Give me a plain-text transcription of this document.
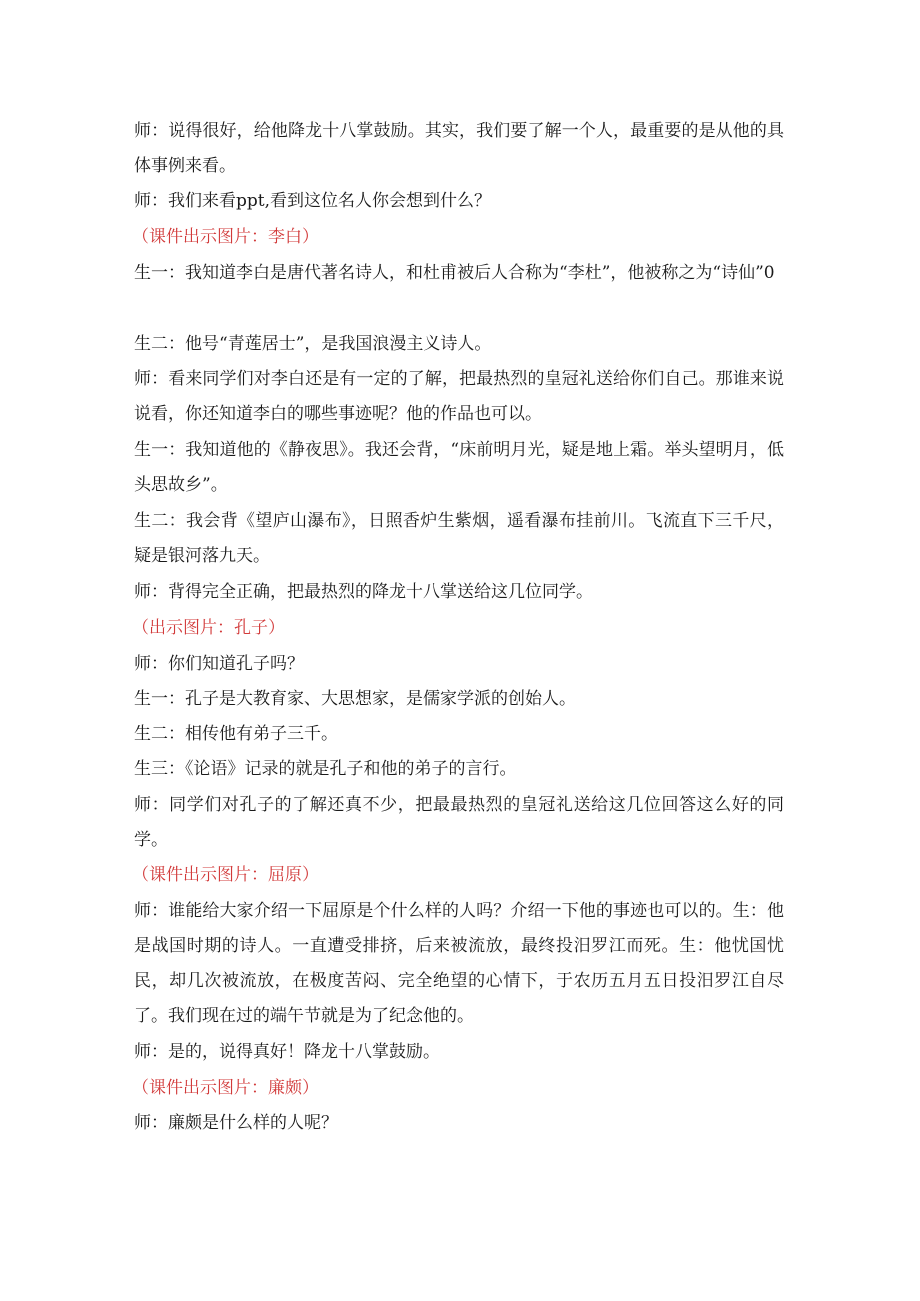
师：说得很好，给他降龙十八掌鼓励。其实，我们要了解一个人，最重要的是从他的具体事例来看。

师：我们来看ppt,看到这位名人你会想到什么？

（课件出示图片：李白）

生一：我知道李白是唐代著名诗人，和杜甫被后人合称为“李杜”，他被称之为“诗仙”0

生二：他号“青莲居士”，是我国浪漫主义诗人。

师：看来同学们对李白还是有一定的了解，把最热烈的皇冠礼送给你们自己。那谁来说说看，你还知道李白的哪些事迹呢？他的作品也可以。

生一：我知道他的《静夜思》。我还会背，“床前明月光，疑是地上霜。举头望明月，低头思故乡”。

生二：我会背《望庐山瀑布》，日照香炉生紫烟，遥看瀑布挂前川。飞流直下三千尺，疑是银河落九天。

师：背得完全正确，把最热烈的降龙十八掌送给这几位同学。

（出示图片：孔子）

师：你们知道孔子吗？

生一：孔子是大教育家、大思想家，是儒家学派的创始人。

生二：相传他有弟子三千。

生三：《论语》记录的就是孔子和他的弟子的言行。

师：同学们对孔子的了解还真不少，把最最热烈的皇冠礼送给这几位回答这么好的同学。

（课件出示图片：屈原）

师：谁能给大家介绍一下屈原是个什么样的人吗？介绍一下他的事迹也可以的。生：他是战国时期的诗人。一直遭受排挤，后来被流放，最终投汨罗江而死。生：他忧国忧民，却几次被流放，在极度苦闷、完全绝望的心情下，于农历五月五日投汨罗江自尽了。我们现在过的端午节就是为了纪念他的。

师：是的，说得真好！降龙十八掌鼓励。

（课件出示图片：廉颇）

师：廉颇是什么样的人呢？
